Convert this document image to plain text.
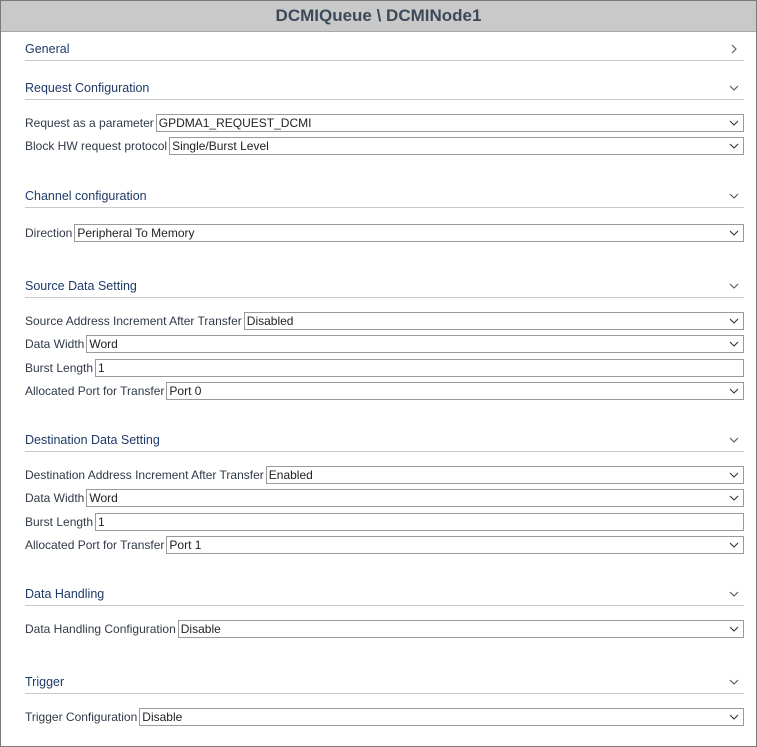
DCMIQueue \ DCMINode1
General
Request Configuration
Request as a parameter GPDMA1_REQUEST_DCMI
Block HW request protocol Single/Burst Level
Channel configuration
Direction Peripheral To Memory
Source Data Setting
Source Address Increment After Transfer Disabled
Data Width Word
Burst Length 1
Allocated Port for Transfer Port 0
Destination Data Setting
Destination Address Increment After Transfer Enabled
Data Width Word
Burst Length 1
Allocated Port for Transfer Port 1
Data Handling
Data Handling Configuration Disable
Trigger
Trigger Configuration Disable
